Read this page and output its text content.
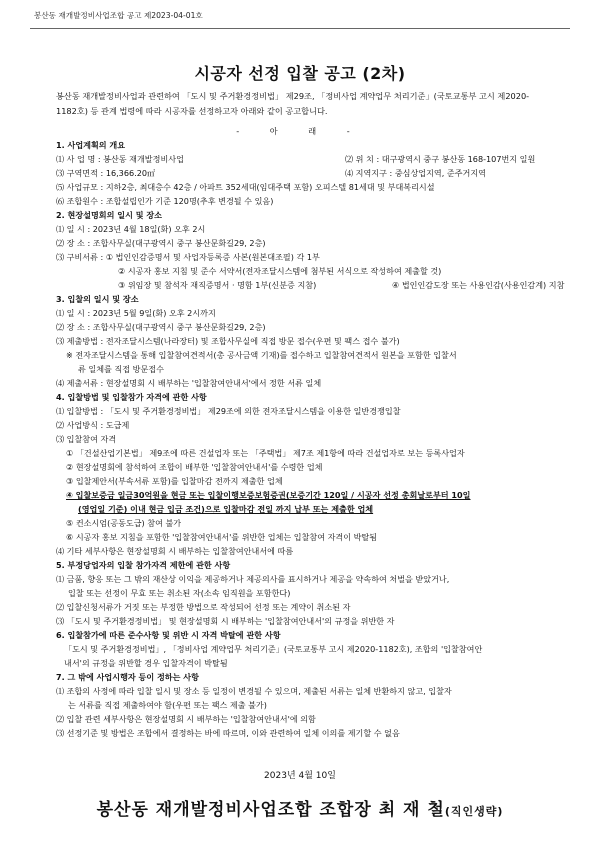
봉산동 재개발정비사업조합 공고 제2023-04-01호
시공자 선정 입찰 공고 (2차)
봉산동 재개발정비사업과 관련하여 「도시 및 주거환경정비법」 제29조, 「정비사업 계약업무 처리기준」(국토교통부 고시 제2020-1182호) 등 관계 법령에 따라 시공자를 선정하고자 아래와 같이 공고합니다.
- 아 래 -
1. 사업계획의 개요
⑴ 사 업 명 : 봉산동 재개발정비사업	⑵ 위 치 : 대구광역시 중구 봉산동 168-107번지 일원
⑶ 구역면적 : 16,366.20㎡	⑷ 지역지구 : 중심상업지역, 준주거지역
⑸ 사업규모 : 지하2층, 최대층수 42층 / 아파트 352세대(임대주택 포함) 오피스텔 81세대 및 부대복리시설
⑹ 조합원수 : 조합설립인가 기준 120명(추후 변경될 수 있음)
2. 현장설명회의 일시 및 장소
⑴ 일 시 : 2023년 4월 18일(화) 오후 2시
⑵ 장 소 : 조합사무실(대구광역시 중구 봉산문화길29, 2층)
⑶ 구비서류 : ① 법인인감증명서 및 사업자등록증 사본(원본대조필) 각 1부
② 시공자 홍보 지침 및 준수 서약서(전자조달시스템에 첨부된 서식으로 작성하여 제출할 것)
③ 위임장 및 참석자 재직증명서 · 명함 1부(신분증 지참)	④ 법인인감도장 또는 사용인감(사용인감계) 지참
3. 입찰의 일시 및 장소
⑴ 일 시 : 2023년 5월 9일(화) 오후 2시까지
⑵ 장 소 : 조합사무실(대구광역시 중구 봉산문화길29, 2층)
⑶ 제출방법 : 전자조달시스템(나라장터) 및 조합사무실에 직접 방문 접수(우편 및 팩스 접수 불가)
※ 전자조달시스템을 통해 입찰참여견적서(총 공사금액 기재)를 접수하고 입찰참여견적서 원본을 포함한 입찰서
류 일체를 직접 방문접수
⑷ 제출서류 : 현장설명회 시 배부하는 '입찰참여안내서'에서 정한 서류 일체
4. 입찰방법 및 입찰참가 자격에 관한 사항
⑴ 입찰방법 : 「도시 및 주거환경정비법」 제29조에 의한 전자조달시스템을 이용한 일반경쟁입찰
⑵ 사업방식 : 도급제
⑶ 입찰참여 자격
① 「건설산업기본법」 제9조에 따른 건설업자 또는 「주택법」 제7조 제1항에 따라 건설업자로 보는 등록사업자
② 현장설명회에 참석하여 조합이 배부한 '입찰참여안내서'를 수령한 업체
③ 입찰제안서(부속서류 포함)를 입찰마감 전까지 제출한 업체
④ 입찰보증금 일금30억원을 현금 또는 입찰이행보증보험증권(보증기간 120일 / 시공자 선정 총회날로부터 10일
(영업일 기준) 이내 현금 입금 조건)으로 입찰마감 전일 까지 납부 또는 제출한 업체
⑤ 컨소시엄(공동도급) 참여 불가
⑥ 시공자 홍보 지침을 포함한 '입찰참여안내서'를 위반한 업체는 입찰참여 자격이 박탈됨
⑷ 기타 세부사항은 현장설명회 시 배부하는 입찰참여안내서에 따름
5. 부정당업자의 입찰 참가자격 제한에 관한 사항
⑴ 금품, 향응 또는 그 밖의 재산상 이익을 제공하거나 제공의사를 표시하거나 제공을 약속하여 처벌을 받았거나,
입찰 또는 선정이 무효 또는 취소된 자(소속 임직원을 포함한다)
⑵ 입찰신청서류가 거짓 또는 부정한 방법으로 작성되어 선정 또는 계약이 취소된 자
⑶ 「도시 및 주거환경정비법」 및 현장설명회 시 배부하는 '입찰참여안내서'의 규정을 위반한 자
6. 입찰참가에 따른 준수사항 및 위반 시 자격 박탈에 관한 사항
「도시 및 주거환경정비법」, 「정비사업 계약업무 처리기준」(국토교통부 고시 제2020-1182호), 조합의 '입찰참여안
내서'의 규정을 위반할 경우 입찰자격이 박탈됨
7. 그 밖에 사업시행자 등이 정하는 사항
⑴ 조합의 사정에 따라 입찰 일시 및 장소 등 일정이 변경될 수 있으며, 제출된 서류는 일체 반환하지 않고, 입찰자
는 서류를 직접 제출하여야 함(우편 또는 팩스 제출 불가)
⑵ 입찰 관련 세부사항은 현장설명회 시 배부하는 '입찰참여안내서'에 의함
⑶ 선정기준 및 방법은 조합에서 결정하는 바에 따르며, 이와 관련하여 일체 이의를 제기할 수 없음
2023년 4월 10일
봉산동 재개발정비사업조합 조합장 최 재 철(직인생략)
